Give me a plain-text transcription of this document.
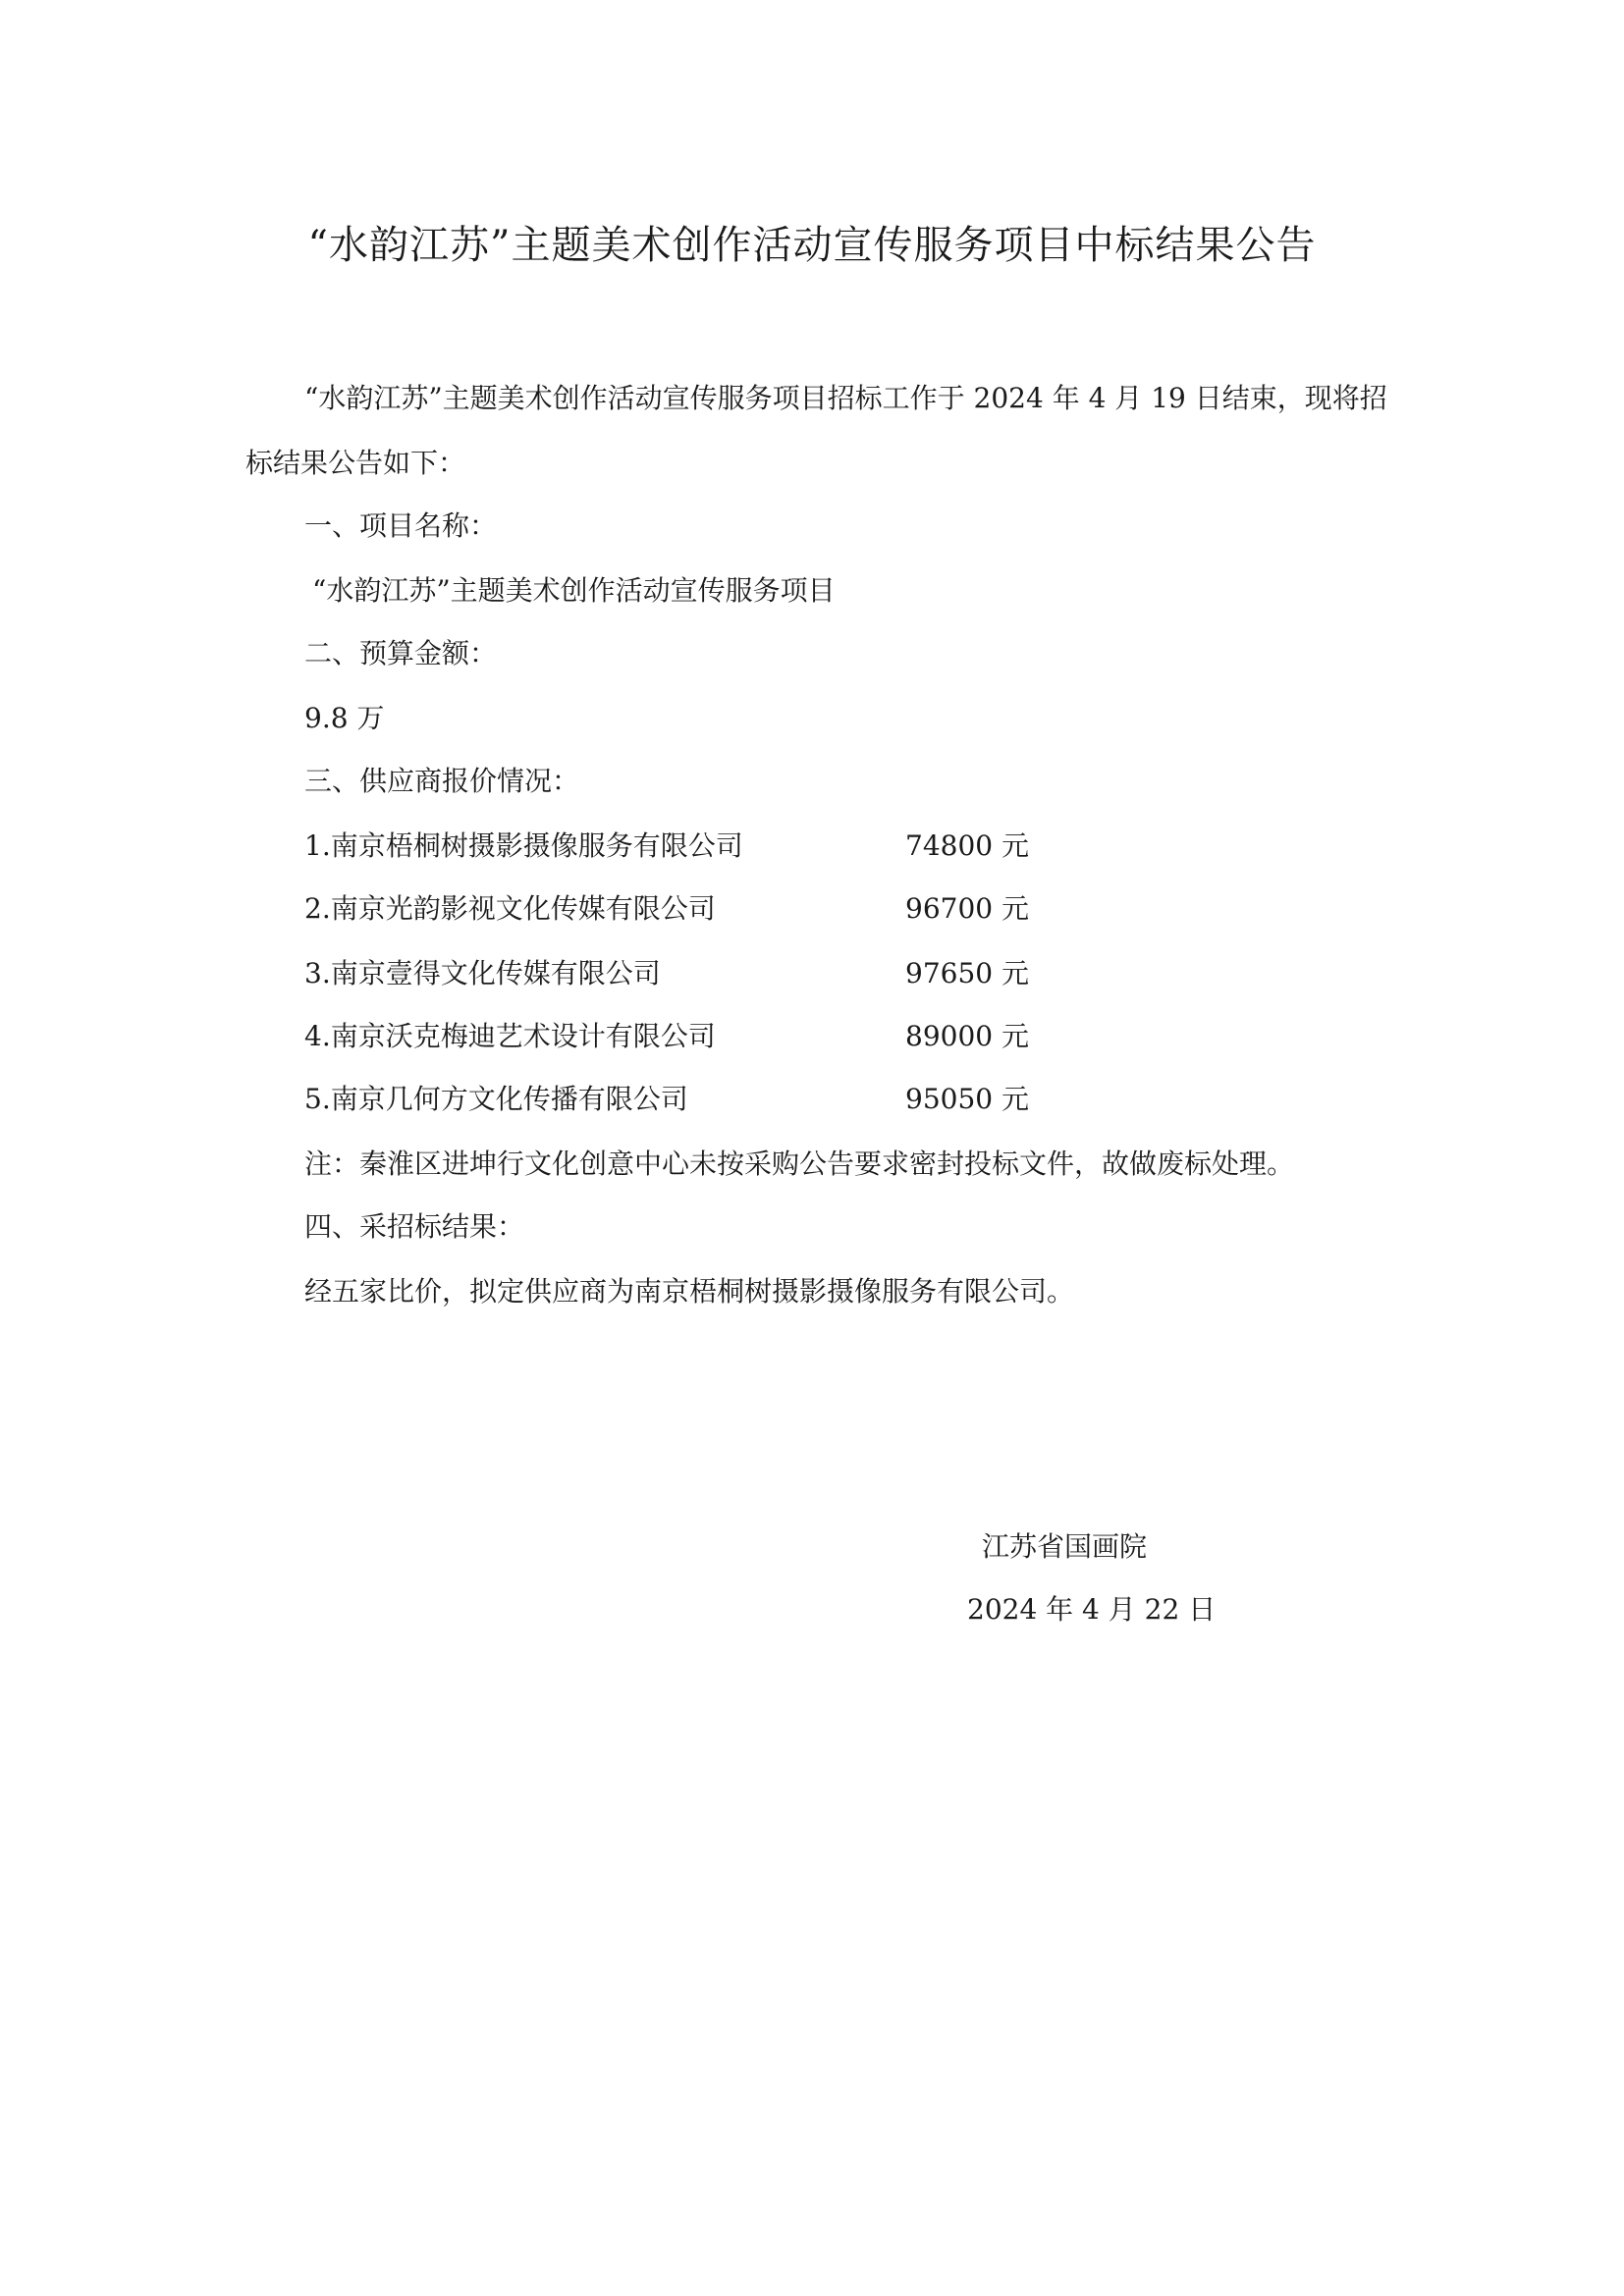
“水韵江苏”主题美术创作活动宣传服务项目中标结果公告
“水韵江苏”主题美术创作活动宣传服务项目招标工作于 2024 年 4 月 19 日结束，现将招
标结果公告如下：
一、项目名称：
“水韵江苏”主题美术创作活动宣传服务项目
二、预算金额：
9.8 万
三、供应商报价情况：
1.南京梧桐树摄影摄像服务有限公司	74800 元
2.南京光韵影视文化传媒有限公司	96700 元
3.南京壹得文化传媒有限公司	97650 元
4.南京沃克梅迪艺术设计有限公司	89000 元
5.南京几何方文化传播有限公司	95050 元
注：秦淮区进坤行文化创意中心未按采购公告要求密封投标文件，故做废标处理。
四、采招标结果：
经五家比价，拟定供应商为南京梧桐树摄影摄像服务有限公司。
江苏省国画院
2024 年 4 月 22 日
